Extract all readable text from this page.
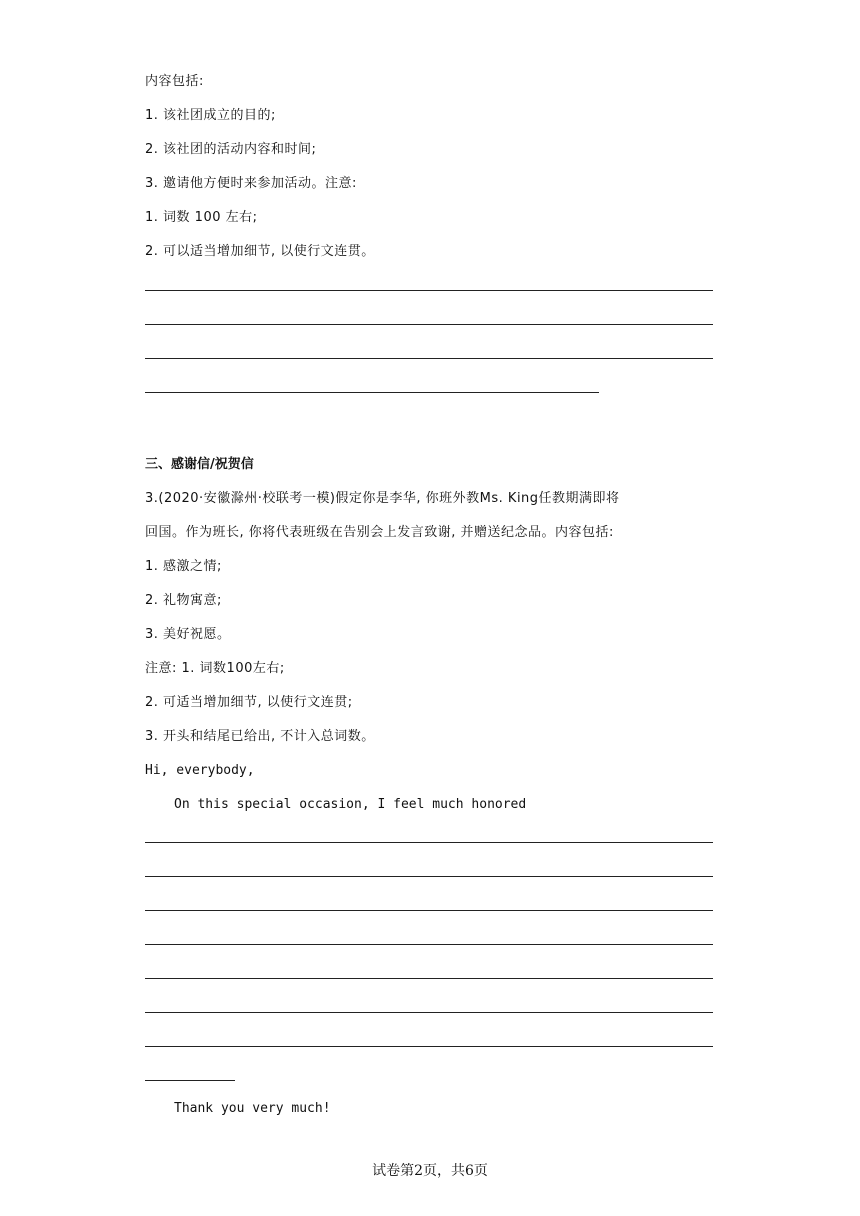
内容包括:
1. 该社团成立的目的;
2. 该社团的活动内容和时间;
3. 邀请他方便时来参加活动。注意:
1. 词数 100 左右;
2. 可以适当增加细节, 以使行文连贯。
三、感谢信/祝贺信
3.(2020·安徽滁州·校联考一模)假定你是李华, 你班外教Ms. King任教期满即将
回国。作为班长, 你将代表班级在告别会上发言致谢, 并赠送纪念品。内容包括:
1. 感激之情;
2. 礼物寓意;
3. 美好祝愿。
注意: 1. 词数100左右;
2. 可适当增加细节, 以使行文连贯;
3. 开头和结尾已给出, 不计入总词数。
Hi, everybody,
On this special occasion, I feel much honored
Thank you very much!
试卷第2页，共6页
